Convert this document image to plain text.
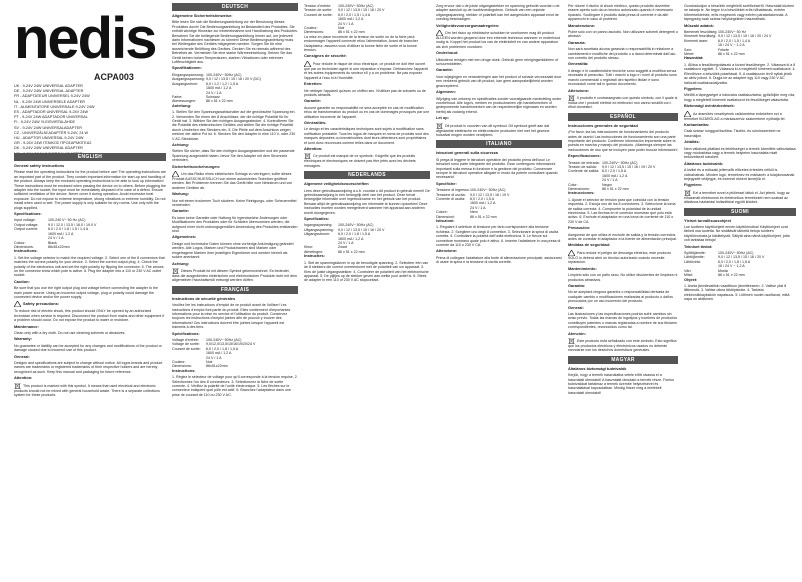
nedis
ACPA003
UK - 9-24V 24W UNIVERSAL ADAPTER
DE - 9-24V 24W UNIVERSAL-ADAPTER
FR - ADAPTATEUR UNIVERSEL 9-24V 24W
NL - 9-24V 24W UNIVERSELE ADAPTER
IT - ALIMENTATORE UNIVERSALE 9-24V 24W
ES - ADAPTADOR UNIVERSAL 9-24V 24W
PT - 9-24V 24W ADAPTADOR UNIVERSAL
FI - 9-24V 24W YLEISVIRTALÄHDE
SV - 9-24V 24W UNIVERSALADAPTER
CZ - UNIVERZÁLNÍ ADAPTÉR 9-24V, 24 W
HU - ADAPTOR UNIVERSAL 9-24V 24W
GR - 9-24V 24W ΓΕΝΙΚΟΣ ΠΡΟΣΑΡΜΟΓΕΑΣ
DK - 9-24V 24W UNIVERSAL ADAPTER
ENGLISH

General safety instructions

Please read the operating instructions for the product before use! The operating instructions are an important part of the product. They contain important information for start-up and handling of the product. Always keep the enclosed operating instructions to be able to look up information! These instructions must be enclosed when passing the device on to others. Before plugging the adapter into the socket, the input must be immediately disposed of in case of a defect. Ensure sufficient ventilation of the device. Never cover it during operation. Avoid excessive heat exposure. Do not expose to extreme temperature, strong vibrations or extreme humidity. Do not install when used or wet. The power supply is only suitable for dry rooms. Use only with the plugs supplied.

Specifications:

Input voltage:	100-240 V~ 50 Hz (AC)
Output voltage:	9.0 / 12.0 / 13.5 / 16.0 / 19.0 V
Output current:	6.0 / 2.0 / 1.8 / 1.5 / 1.4 A
1600 mA / 1.2 A
24 V / 1 A
Colour:	Black
Dimensions:	86x51x22mm

Instructions:

1. Set the voltage selector to match the required voltage. 2. Select one of the 8 connectors that matches the correct polarity for your device. 3. Select the correct output plug. 4. Check the polarity of the electronics unit and set the right polarity by flipping the connector. 5. The arrows on the connector show which pole is active. 6. Plug the adapter into a 110 or 230 V AC outlet socket.

Caution:

Be sure that you use the right output plug and voltage before connecting the adapter to the main power source. Using an incorrect output voltage, plug or polarity could damage the connected device and/or the power supply.

Safety precautions:

To reduce risk of electric shock, this product should ONLY be opened by an authorized technician when service is required. Disconnect the product from mains and other equipment if a problem should occur. Do not expose the product to water or moisture.

Maintenance:

Clean only with a dry cloth. Do not use cleaning solvents or abrasives.

Warranty:

No guarantee or liability can be accepted for any changes and modifications of the product or damage caused due to incorrect use of this product.

General:

Designs and specifications are subject to change without notice. All logos brands and product names are trademarks or registered trademarks of their respective holders and are hereby recognized as such. Keep this manual and packaging for future reference.

Attention:

This product is marked with this symbol. It means that used electrical and electronic products should not be mixed with general household waste. There is a separate collections system for these products.

DEUTSCH

Allgemeine Sicherheitshinweise:

Bitte lesen Sie sich die Bedienungsanleitung vor der Benutzung dieses Produktes durch! Die Bedienungsanleitung ist Bestandteil des Produktes. Sie enthält wichtige Hinweise zur Inbetriebnahme und Handhabung des Produktes. Bewahren Sie die beiliegende Bedienungsanleitung immer auf, um jederzeit darin Informationen nachlesen zu können! Diese Bedienungsanleitung muss bei Weitergabe des Gerätes mitgegeben werden. Sorgen Sie für eine ausreichende Belüftung des Gerätes. Decken Sie es niemals während des Betriebes ab. Vermeiden Sie eine starke Wärmeeinwirkung. Setzen Sie das Gerät keinen hohen Temperaturen, starken Vibrationen oder extremer Luftfeuchtigkeit aus.

Spezifikationen:

Eingangsspannung: 100-240V~ 50Hz (AC)
Ausgangsspannung: 9,0 / 12 / 13,5 / 15 / 16 / 20 V (DC)
Ausgangsstrom:	6,0 / 1,2 / 1,2 / 1,5 A
1600 mA / 1,2 A
24 V / 1 A
Farbe:	Schwarz
Abmessungen:	86 x 51 x 22 mm

Anleitung:

1. Stellen Sie den Spannungswahlschalter auf die gewünschte Spannung ein. 2. Verwenden Sie einen der 8 Anschlüsse, der die richtige Polarität für Ihr Gerät hat. 3. Wählen Sie den richtigen Ausgangsstecker. 4. Kontrollieren Sie die Polarität des elektronischen Gerätes und stellen Sie die richtige Polarität durch Umdrehen des Steckers ein. 5. Die Pfeile auf dem Anschluss zeigen, welcher der aktive Pol ist. 6. Stecken Sie den Adapter in eine 110 V- oder 230 V AC-Steckdose.

Achtung:

Stellen Sie sicher, dass Sie den richtigen Ausgangsstecker und die passende Spannung ausgewählt haben, bevor Sie den Adapter mit dem Stromnetz verbinden.

Sicherheitsvorkehrungen:

Um das Risiko eines elektrischen Schlags zu verringern, sollte dieses Produkt AUSSCHLIESSLICH von einem autorisierten Techniker geöffnet werden. Bei Problemen trennen Sie das Gerät bitte vom Netzstrom und von anderen Geräten ab.

Wartung:

Nur mit einem trockenen Tuch säubern. Keine Reinigungs- oder Scheuermittel verwenden.

Garantie:

Es kann keine Garantie oder Haftung für irgendwelche Änderungen oder Modifikationen des Produktes oder für Schäden übernommen werden, die aufgrund einer nicht ordnungsgemäßen Anwendung des Produktes entstanden sind.

Allgemeines:

Design und technische Daten können ohne vorherige Ankündigung geändert werden. Alle Logos, Marken und Produktnamen sind Marken oder eingetragene Marken ihrer jeweiligen Eigentümer und werden hiermit als solche anerkannt.

Achtung:

Dieses Produkt ist mit diesem Symbol gekennzeichnet. Es bedeutet, dass die ausgedienten elektrischen und elektronischen Produkte nicht mit dem allgemeinen Haushaltsmüll entsorgt werden dürfen.

FRANÇAIS

Instructions de sécurité générales

Veuillez lire les instructions d'emploi de ce produit avant de l'utiliser! Les instructions d'emploi font partie du produit. Elles contiennent d'importantes informations pour la mise en service et l'utilisation du produit. Conservez toujours les instructions d'emploi jointes afin de pouvoir y trouver des informations! Ces instructions doivent être jointes lorsque l'appareil est transmis à des tiers.

Spécifications:

Voltage d'entrée:	100-240V~ 50Hz (AC)
Voltage de sortie:	9,0/12,0/13,5/15/16/19/20/24 V
Courant de sortie:	6,0 / 2,0 / 1,8 / 1,5 A
1600 mA / 1,2 A
24 V / 1 A
Couleur:	Noir
Dimensions:	86x51x22mm

Instructions:

1. Réglez le sélecteur de voltage pour qu'il corresponde à la tension requise. 2. Sélectionnez l'un des 8 connecteurs. 3. Sélectionnez la fiche de sortie correcte. 4. Vérifiez la polarité de l'unité électronique. 5. Les flèches sur le connecteur indiquent quel pôle est actif. 6. Branchez l'adaptateur dans une prise de courant de 110 ou 230 V AC.

Tension d'entrée:	100-240V~ 50Hz (AC)
Tension de sortie:	9,0 / 12 / 13,5 / 15 / 16 / 20 V
Courant de sortie:	6,0 / 2,0 / 1,5 / 1,4 A
1600 mA / 1,2 A
24 V / 1 A
Couleur:	Noir
Dimensions:	86 x 51 x 22 mm

La mise en place incorrecte de la tension de sortie ou de la fiche peut endommager l'appareil connecté et/ou l'alimentation. Avant de brancher l'adaptateur, assurez-vous d'utiliser la bonne fiche de sortie et la bonne tension.

Consignes de sécurité:

Pour réduire le risque de choc électrique, ce produit ne doit être ouvert que par un technicien agréé si une réparation s'impose. Débranchez l'appareil et les autres équipements du secteur s'il y a un problème. Ne pas exposer l'appareil à l'eau ni à l'humidité.

Entretien:

Ne nettoyer l'appareil qu'avec un chiffon sec. N'utiliser pas de solvants ou de produits abrasifs.

Garantie:

Aucune garantie ou responsabilité ne sera acceptée en cas de modification et/ou de transformation du produit ou en cas de dommages provoqués par une utilisation incorrecte de l'appareil.

Généralités:

Le design et les caractéristiques techniques sont sujets à modification sans notification préalable. Tous les logos de marques et noms de produits sont des marques déposées ou immatriculées dont leurs détenteurs sont propriétaires et sont donc reconnues comme telles dans ce document.

Attention:

Ce produit est marqué de ce symbole. Il signifie que les produits électriques et électroniques ne doivent pas être jetés avec les déchets ménagers.

NEDERLANDS

Algemene veiligheidsvoorschriften

Lees deze gebruiksaanwijzing a.u.b. voordat u dit product in gebruik neemt! De gebruiksaanwijzing is een belangrijk deel van het product. Deze bevat belangrijke informatie over ingebruikname en het gebruik van het product. Bewaar altijd de gebruiksaanwijzing om informatie te kunnen opzoeken! Deze instructies moeten worden meegeleverd wanneer het apparaat aan anderen wordt doorgegeven.

Specificaties:

Ingangsspanning:	100-240V~ 50Hz (AC)
Uitgangsspanning:	9,0 / 12 / 13,5 / 15 / 16 / 20 V
Uitgangsstroom:	6,0 / 2,0 / 1,8 / 1,5 A
1600 mA / 1,2 A
24 V / 1 A
Kleur:	Zwart
Afmetingen:	86 x 51 x 22 mm

Instructies:

1. Stel de spanningskiezer in op de benodigde spanning. 2. Selecteer één van de 8 stekkers die correct overeenkomt met de polariteit van uw apparaat. 3. Kies de juiste uitgangsstekker. 4. Controleer de polariteit van het elektronische apparaat. 5. De pijltjes op de stekker geven aan welke pool actief is. 6. Steek de adapter in een 110 of 230 V AC stopcontact.

Zorg ervoor dat u de juiste uitgangsstekker en spanning gebruikt voordat u de adapter aansluit op de hoofdvoedingsbron. Gebruik van een onjuiste uitgangsspanning, stekker of polariteit kan het aangesloten apparaat en/of de voeding beschadigen.

Veiligheidsvoorzorgsmaatregelen:

Om het risico op elektrische schokken te voorkomen mag dit product ALLEEN worden geopend door een erkende technicus wanneer er onderhoud nodig is. Koppel het product los van de elektriciteit en van andere apparatuur als zich problemen voordoen.

Onderhoud:

Uitsluitend reinigen met een droge doek. Gebruik geen reinigingsmiddelen of schuurmiddelen.

Garantie:

Voor wijzigingen en veranderingen aan het product of schade veroorzaakt door een verkeerd gebruik van dit product, kan geen aansprakelijkheid worden geaccepteerd.

Algemeen:

Wijziging van ontwerp en specificaties zonder voorafgaande mededeling onder voorbehoud. Alle logo's, merken en productnamen zijn handelsmerken of gedeponeerde handelsmerken van de respectievelijke eigenaars en worden hierbij als zodanig erkend.

Let op:

Dit product is voorzien van dit symbool. Dit symbool geeft aan dat afgedankte elektrische en elektronische producten niet met het gewone huisafval mogen worden verwijderd.

ITALIANO

Istruzioni generali sulla sicurezza

Si prega di leggere le istruzioni operative del prodotto prima dell'uso! Le istruzioni sono parte integrante del prodotto. Esse contengono informazioni importanti sulla messa in funzione e la gestione del prodotto. Conservare sempre le istruzioni operative allegate in modo da poterle consultare quando necessario!

Specifiche:

Tensione di ingresso: 100-240V~ 50Hz (AC)
Tensione di uscita:	9,0 / 12 / 13,5 / 16 / 19 V
Corrente di uscita:	6,0 / 2,0 / 1,5 A
1600 mA / 1,2 A
24 V / 1 A
Colore:	Nero
Dimensioni:	86 x 51 x 22 mm

Istruzioni:

1. Regolare il selettore di tensione per farlo corrispondere alla tensione richiesta. 2. Scegliere uno degli 8 connettori. 3. Selezionare la spina di uscita corretta. 4. Controllare la polarità dell'unità elettronica. 5. Le frecce sul connettore mostrano quale polo è attivo. 6. Inserire l'adattatore in una presa di corrente da 110 o 230 V CA.

Attenzione:

Prima di collegare l'adattatore alla fonte di alimentazione principale, assicurarsi di usare la spina e la tensione di uscita corrette.

Per ridurre il rischio di shock elettrico, questo prodotto dovrebbe essere aperto solo da un tecnico autorizzato quando è necessario ripararlo. Scollegare il prodotto dalla presa di corrente e da altri apparecchi in caso di problemi.

Manutenzione:

Pulire solo con un panno asciutto. Non utilizzare solventi detergenti o abrasivi.

Garanzia:

Non sarà accettata alcuna garanzia o responsabilità in relazione a cambiamenti e modifiche del prodotto o a danni determinati dall'uso non corretto del prodotto stesso.

Generalità:

Il design e le caratteristiche tecniche sono soggetti a modifica senza necessità di preavviso. Tutti i marchi a logo e i nomi di prodotto sono marchi commerciali o registrati dei rispettivi titolari e sono riconosciuti come tali in questo documento.

Attenzione:

Il prodotto è contrassegnato con questo simbolo, con il quale si indica che i prodotti elettrici ed elettronici non vanno smaltiti con i rifiuti domestici.

ESPAÑOL

Instrucciones generales de seguridad

¡Por favor, lea las instrucciones de funcionamiento del producto antes de usarlo! Las instrucciones de funcionamiento son una parte importante del producto. Contienen información importante sobre la puesta en marcha y manejo del producto. ¡Mantenga siempre las instrucciones de uso que se incluyen para poder buscar información!

Especificaciones:

Tensión de entrada: 100-240V~ 50Hz (AC)
Tensión de salida:	9,0 / 12 / 13,5 / 15 / 16 / 19 / 20 V
Corriente de salida: 6,0 / 2,0 / 1,5 A
1600 mA / 1,2 A
24 V / 1 A
Color:	Negro
Dimensiones:	86 x 51 x 22 mm

Instrucciones:

1. Ajuste el selector de tensión para que coincida con la tensión requerida. 2. Escoja uno de los 8 conectores. 3. Seleccione la toma de salida correcta. 4. Compruebe la polaridad de la unidad electrónica. 5. Las flechas en el conector muestran qué polo está activo. 6. Enchufe el adaptador en una toma de corriente de 110 o 230 V de CA.

Precaución:

Asegúrese de que utiliza el enchufe de salida y la tensión correctos antes de conectar el adaptador a la fuente de alimentación principal.

Medidas de seguridad:

Para reducir el peligro de descarga eléctrica, este producto SOLO lo deberá abrir un técnico autorizado cuando necesite reparación.

Mantenimiento:

Límpielo sólo con un paño seco. No utilice disolventes de limpieza ni productos abrasivos.

Garantía:

No se aceptará ninguna garantía o responsabilidad derivada de cualquier cambio o modificaciones realizadas al producto o daños provocados por un uso incorrecto del producto.

General:

Las ilustraciones y las especificaciones podrán sufrir cambios sin aviso previo. Todas las marcas de logotipos y nombres de productos constituyen patentes o marcas registradas a nombre de sus titulares correspondientes, reconocidos como tal.

Atención:

Este producto está señalizado con este símbolo. Esto significa que los productos eléctricos y electrónicos usados no deberán mezclarse con los desechos domésticos generales.

MAGYAR

Általános biztonsági tudnivalók

Kérjük, hogy a termék használatba vétele előtt olvassa el a használati útmutatót! A használati útmutató a termék része. Fontos tudnivalókat tartalmaz a termék üzembe helyezésével és használatával kapcsolatban. Mindig őrizze meg a mellékelt használati útmutatót!

Gondoskodjon a készülék megfelelő szellőzéséről. Használat közben ne takarja le. Ne tegye ki a készüléket erős hőhatásnak, extrém hőmérsékletnek, erős rezgésnek vagy extrém páratartalomnak. A tápegység csak száraz helyiségekben használható.

Műszaki adatok:

Bemeneti feszültség: 100-240V~ 50 Hz
Kimeneti feszültség: 9,0 / 12 / 13,5 / 15 / 16 / 20 / 24 V
Kimeneti áram:	6,0 / 2,0 / 1,5 / 1,4 A
16 / 24 V ~ 1,2 A
Szín:	Fekete
Méret:	86 x 51 x 22 mm

Használat:

1. Állítsa a feszültségválasztó a kívánt feszültségre. 2. Válassza ki a 8 csatlakozó egyikét. 3. Válassza ki a megfelelő kimeneti csatlakozót. 4. Ellenőrizze a készülék polaritását. 5. A csatlakozón lévő nyilak jelzik az aktív pólust. 6. Dugja be az adaptert egy 110 vagy 230 V AC hálózati csatlakozóaljzatba.

Figyelem:

Mielőtt a tápegységet a hálózatra csatlakoztatná, győződjön meg róla, hogy a megfelelő kimeneti csatlakozót és feszültséget választotta.

Biztonsági óvintézkedések:

Az áramütés veszélyének csökkentése érdekében ezt a terméket KIZÁRÓLAG a márkaszerviz szakembere nyithatja fel.

Karbantartás:

Csak száraz ronggyal tisztítsa. Tisztító- és súrolószereket ne használjon.

Jótállás:

Nem vállalunk jótállást és felelősséget a termék bármiféle változtatása vagy módosítása vagy a termék helytelen használata miatt bekövetkező károkért.

Általános tudnivalók:

A kivitel és a műszaki jellemzők előzetes értesítés nélkül is változhatnak. Minden logó, terméknév és márkanév a tulajdonosának bejegyzett védjegye, és ezennel ekként ismerjük el.

Figyelem:

Ezt a terméket ezzel a jelöléssel láttuk el. Azt jelenti, hogy az elhasznált elektromos és elektronikus termékeket nem szabad az általános háztartási hulladékkal együtt kidobni.

SUOMI

Yleiset turvallisuusohjeet

Lue tuotteen käyttöohjeet ennen käyttöönottoa! Käyttöohjeet ovat tärkeä osa tuotetta. Ne sisältävät tärkeitä tietoja tuotteen käyttöönotosta ja käsittelystä. Säilytä aina nämä käyttöohjeet, jotta voit tarkistaa tietoja!

Tekniset tiedot:

Syöttöjännite:	100-240V~ 50Hz (AC)
Lähtöjännite:	9,0 / 12 / 13,5 / 15 / 16 / 20 V
Lähtövirta:	6,0 / 2,0 / 1,8 / 1,5 A
16 / 24 V ~ 1,2 A
Väri:	Musta
Mitat:	86 x 51 x 22 mm

Ohjeet:

1. Aseta jännitevalitsin vaadittuun jännitteeseen. 2. Valitse yksi 8 liittimestä. 3. Valitse oikea lähtöpistoke. 4. Tarkista elektroniikkayksikön napaisuus. 5. Liittimen nuolet osoittavat, mikä napa on aktiivinen.
